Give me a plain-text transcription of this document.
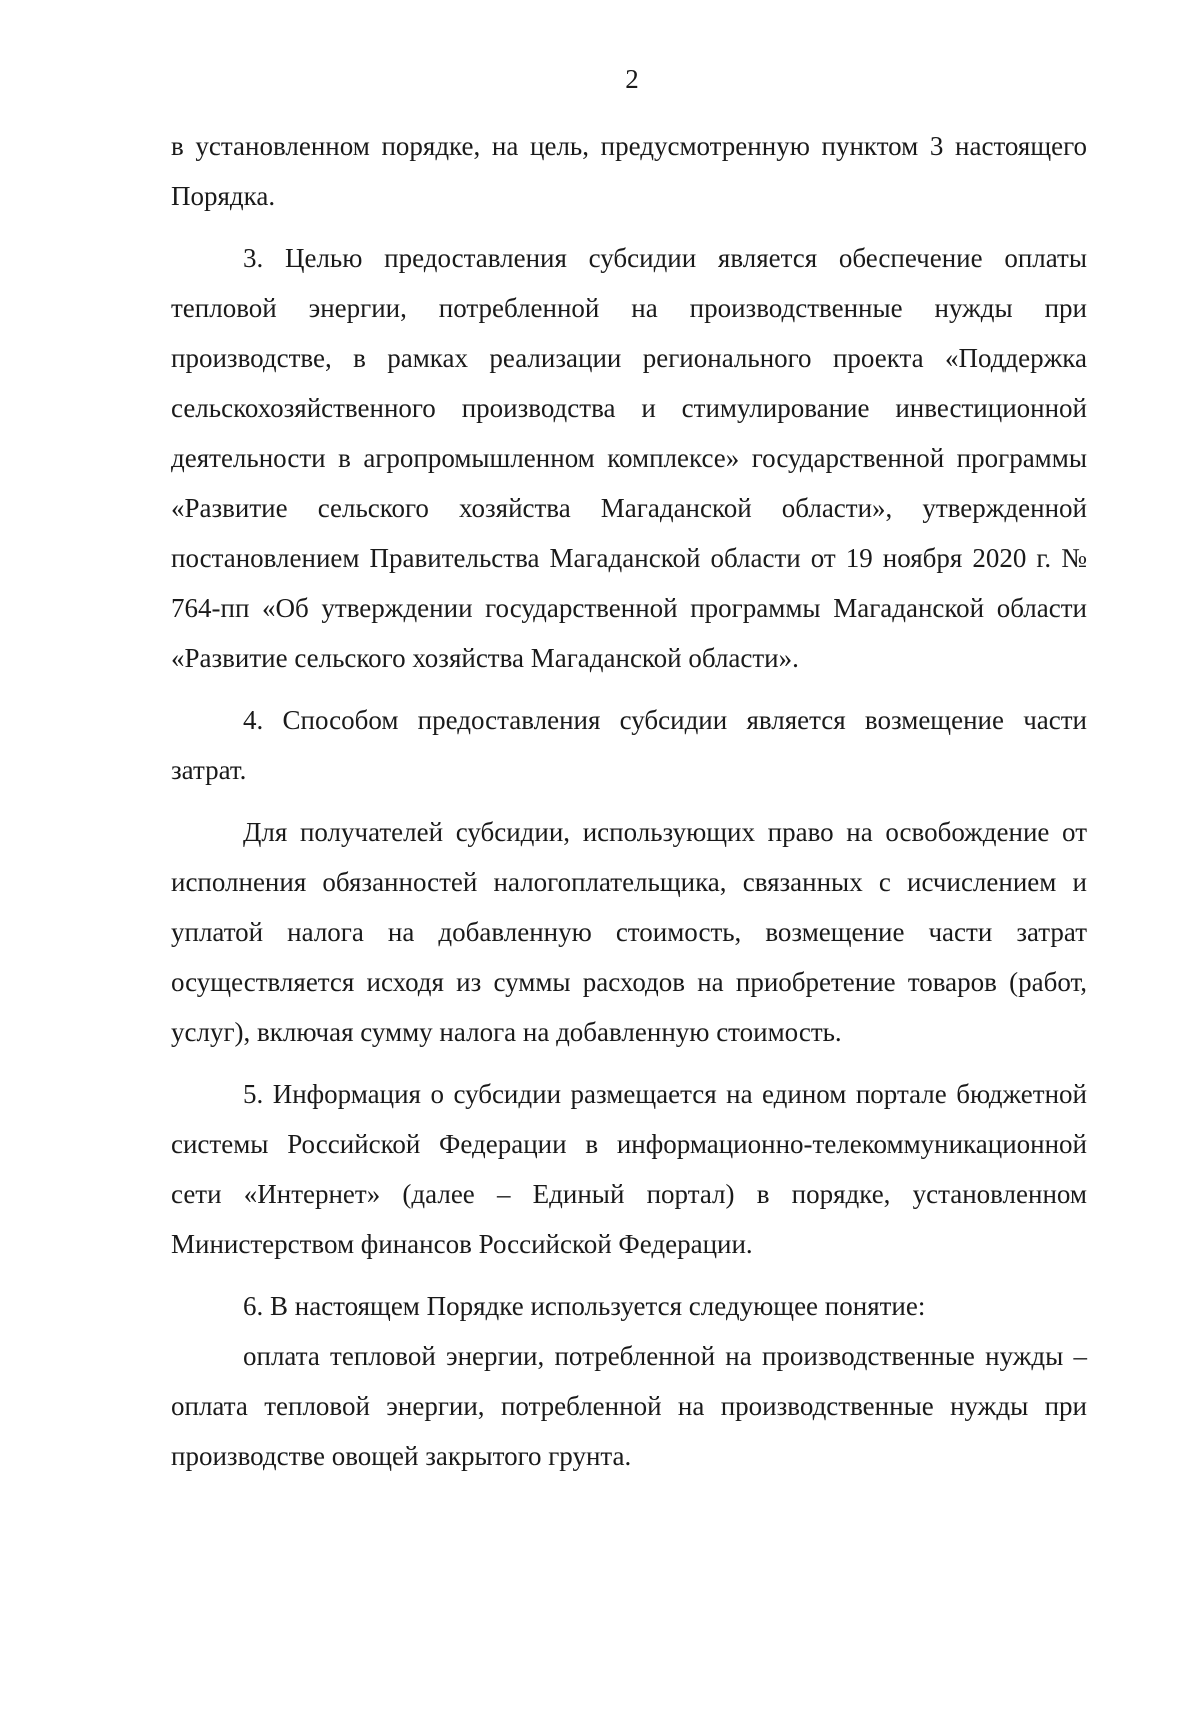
2

в установленном порядке, на цель, предусмотренную пунктом 3 настоящего Порядка.

3. Целью предоставления субсидии является обеспечение оплаты тепловой энергии, потребленной на производственные нужды при производстве, в рамках реализации регионального проекта «Поддержка сельскохозяйственного производства и стимулирование инвестиционной деятельности в агропромышленном комплексе» государственной программы «Развитие сельского хозяйства Магаданской области», утвержденной постановлением Правительства Магаданской области от 19 ноября 2020 г. № 764-пп «Об утверждении государственной программы Магаданской области «Развитие сельского хозяйства Магаданской области».

4. Способом предоставления субсидии является возмещение части затрат.

Для получателей субсидии, использующих право на освобождение от исполнения обязанностей налогоплательщика, связанных с исчислением и уплатой налога на добавленную стоимость, возмещение части затрат осуществляется исходя из суммы расходов на приобретение товаров (работ, услуг), включая сумму налога на добавленную стоимость.

5. Информация о субсидии размещается на едином портале бюджетной системы Российской Федерации в информационно-телекоммуникационной сети «Интернет» (далее – Единый портал) в порядке, установленном Министерством финансов Российской Федерации.

6. В настоящем Порядке используется следующее понятие:

оплата тепловой энергии, потребленной на производственные нужды – оплата тепловой энергии, потребленной на производственные нужды при производстве овощей закрытого грунта.
